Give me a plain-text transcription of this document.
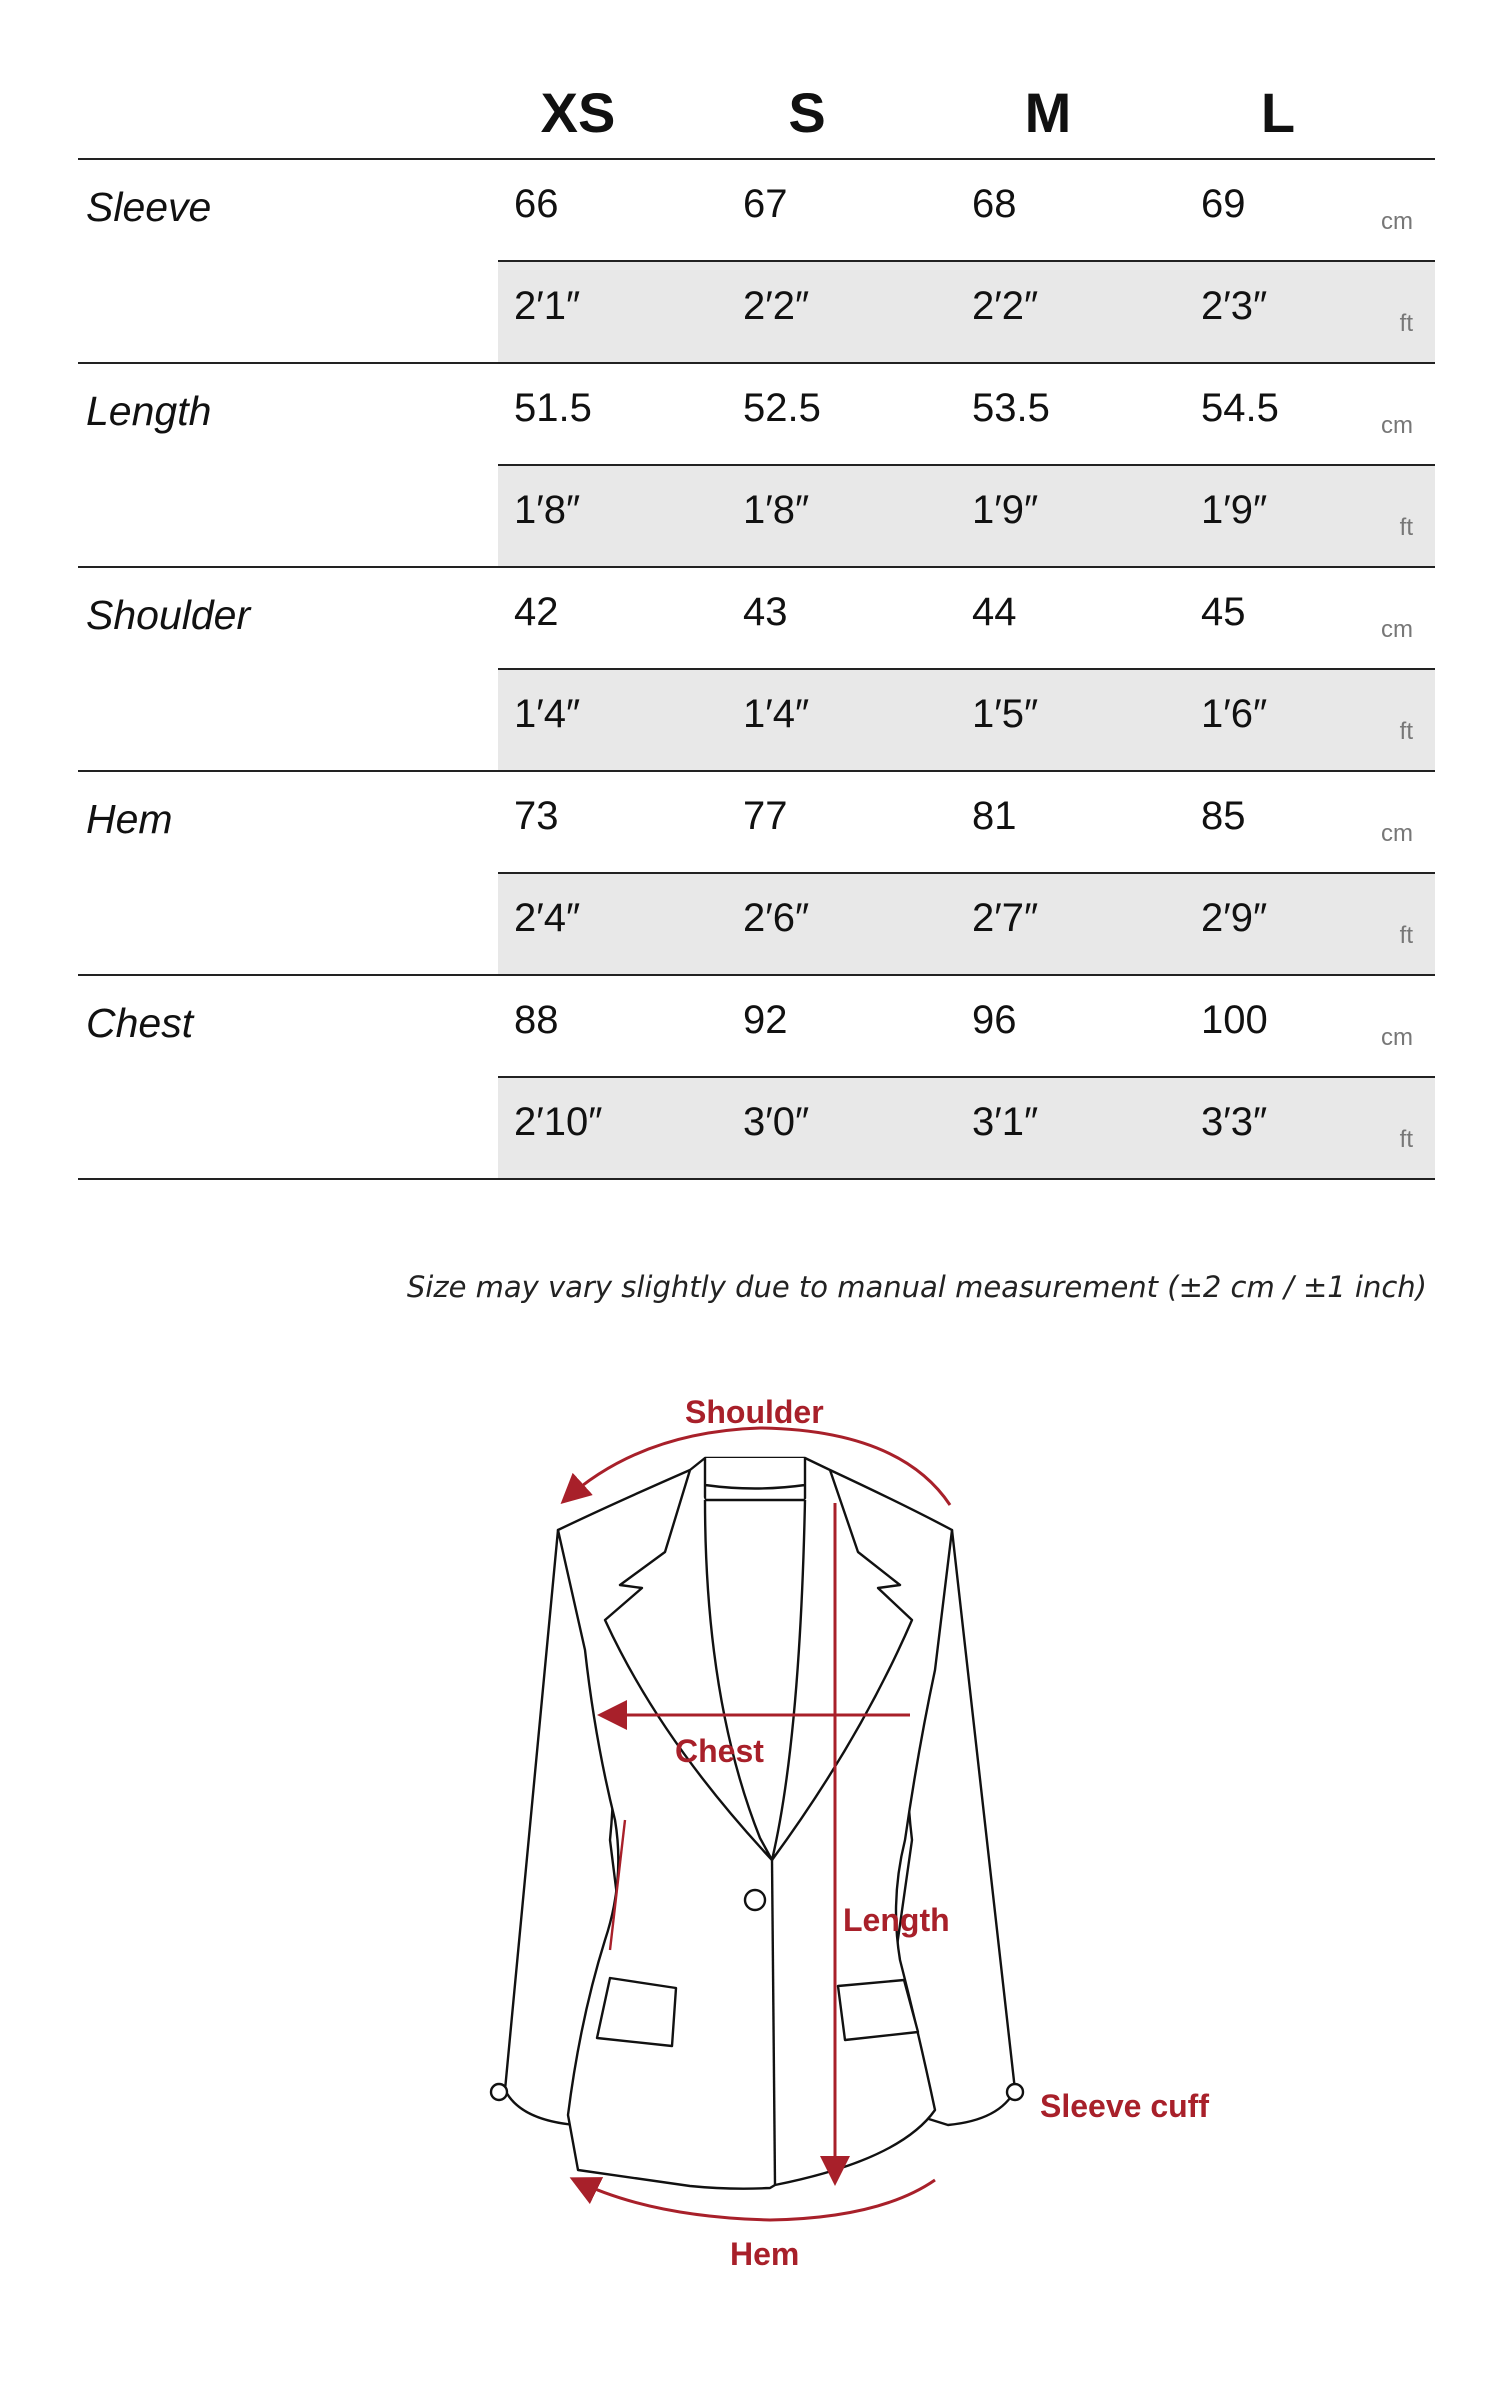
XS	S	M	L
Sleeve	66	67	68	69	cm
2′1″	2′2″	2′2″	2′3″	ft
Length	51.5	52.5	53.5	54.5	cm
1′8″	1′8″	1′9″	1′9″	ft
Shoulder	42	43	44	45	cm
1′4″	1′4″	1′5″	1′6″	ft
Hem	73	77	81	85	cm
2′4″	2′6″	2′7″	2′9″	ft
Chest	88	92	96	100	cm
2′10″	3′0″	3′1″	3′3″	ft
Size may vary slightly due to manual measurement (±2 cm / ±1 inch)
Shoulder
Chest
Length
Sleeve cuff
Hem
